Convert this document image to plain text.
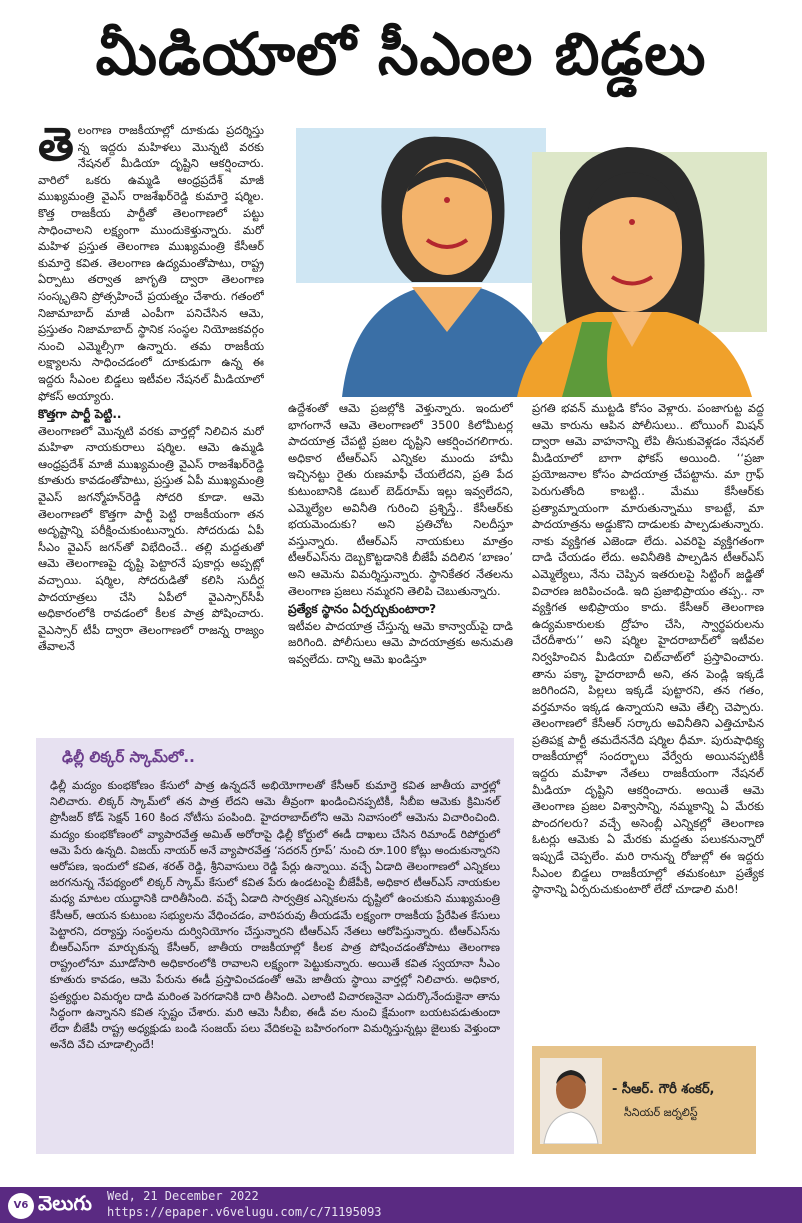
మీడియాలో సీఎంల బిడ్డలు

తె లంగాణ రాజకీయాల్లో దూకుడు ప్రదర్శిస్తు న్న ఇద్దరు మహిళలు మొన్నటి వరకు నేషనల్ మీడియా దృష్టిని ఆకర్షించారు. వారిలో ఒకరు ఉమ్మడి ఆంధ్రప్రదేశ్‌ మాజీ ముఖ్యమంత్రి వైఎస్‌ రాజశేఖర్‌రెడ్డి కుమార్తె షర్మిల. కొత్త రాజకీయ పార్టీతో తెలంగాణలో పట్టు సాధించాలని లక్ష్యంగా ముందుకెళ్తున్నారు. మరో మహిళ ప్రస్తుత తెలంగాణ ముఖ్యమంత్రి కేసీఆర్‌ కుమార్తె కవిత. తెలంగాణ ఉద్యమంతోపాటు, రాష్ట్ర ఏర్పాటు తర్వాత జాగృతి ద్వారా తెలంగాణ సంస్కృతిని ప్రోత్సహించే ప్రయత్నం చేశారు. గతంలో నిజామాబాద్‌ మాజీ ఎంపీగా పనిచేసిన ఆమె, ప్రస్తుతం నిజామాబాద్‌ స్థానిక సంస్థల నియోజకవర్గం నుంచి ఎమ్మెల్సీగా ఉన్నారు. తమ రాజకీయ లక్ష్యాలను సాధించడంలో దూకుడుగా ఉన్న ఈ ఇద్దరు సీఎంల బిడ్డలు ఇటీవల నేషనల్‌ మీడియాలో ఫోకస్‌ అయ్యారు.

కొత్తగా పార్టీ పెట్టి..

తెలంగాణలో మొన్నటి వరకు వార్తల్లో నిలిచిన మరో మహిళా నాయకురాలు షర్మిల. ఆమె ఉమ్మడి ఆంధ్రప్రదేశ్‌ మాజీ ముఖ్యమంత్రి వైఎస్‌ రాజశేఖర్‌రెడ్డి కూతురు కావడంతోపాటు, ప్రస్తుత ఏపీ ముఖ్యమంత్రి వైఎస్‌ జగన్మోహన్‌రెడ్డి సోదరి కూడా. ఆమె తెలంగాణలో కొత్తగా పార్టీ పెట్టి రాజకీయంగా తన అదృష్టాన్ని పరీక్షించుకుంటున్నారు. సోదరుడు ఏపీ సీఎం వైఎస్‌ జగన్‌తో విభేదించే.. తల్లి మద్దతుతో ఆమె తెలంగాణపై దృష్టి పెట్టారనే పుకార్లు అప్పట్లో వచ్చాయి. షర్మిల, సోదరుడితో కలిసి సుదీర్ఘ పాదయాత్రలు చేసి ఏపీలో వైఎస్సార్‌సీపీ అధికారంలోకి రావడంలో కీలక పాత్ర పోషించారు. వైఎస్సార్‌ టీపీ ద్వారా తెలంగాణలో రాజన్న రాజ్యం తేవాలనే

ఉద్దేశంతో ఆమె ప్రజల్లోకి వెళ్తున్నారు. ఇందులో భాగంగానే ఆమె తెలంగాణలో 3500 కిలోమీటర్ల పాదయాత్ర చేపట్టి ప్రజల దృష్టిని ఆకర్షించగలిగారు. అధికార టీఆర్‌ఎస్‌ ఎన్నికల ముందు హామీ ఇచ్చినట్టు రైతు రుణమాఫీ చేయలేదని, ప్రతి పేద కుటుంబానికి డబుల్‌ బెడ్‌రూమ్‌ ఇల్లు ఇవ్వలేదని, ఎమ్మెల్యేల అవినీతి గురించి ప్రశ్నిస్తే.. కేసీఆర్‌కు భయమెందుకు? అని ప్రతిచోట నిలదీస్తూ వస్తున్నారు. టీఆర్‌ఎస్‌ నాయకులు మాత్రం టీఆర్‌ఎస్‌ను దెబ్బకొట్టడానికి బీజేపీ వదిలిన ‘బాణం’ అని ఆమెను విమర్శిస్తున్నారు. స్థానికేతర నేతలను తెలంగాణ ప్రజలు నమ్మరని తెలిపి చెబుతున్నారు.

ప్రత్యేక స్థానం ఏర్పర్చుకుంటారా?

ఇటీవల పాదయాత్ర చేస్తున్న ఆమె కాన్వాయ్‌పై దాడి జరిగింది. పోలీసులు ఆమె పాదయాత్రకు అనుమతి ఇవ్వలేదు. దాన్ని ఆమె ఖండిస్తూ

ప్రగతి భవన్‌ ముట్టడి కోసం వెళ్లారు. పంజాగుట్ట వద్ద ఆమె కారును ఆపిన పోలీసులు.. టోయింగ్‌ మిషన్‌ ద్వారా ఆమె వాహనాన్ని లేపి తీసుకువెళ్లడం నేషనల్‌ మీడియాలో బాగా ఫోకస్‌ అయింది. ‘‘ప్రజా ప్రయోజనాల కోసం పాదయాత్ర చేపట్టాను. మా గ్రాఫ్‌ పెరుగుతోంది కాబట్టి.. మేము కేసీఆర్‌కు ప్రత్యామ్నాయంగా మారుతున్నాము కాబట్టే, మా పాదయాత్రను అడ్డుకొని దాడులకు పాల్పడుతున్నారు. నాకు వ్యక్తిగత ఎజెండా లేదు. ఎవరిపై వ్యక్తిగతంగా దాడి చేయడం లేదు. అవినీతికి పాల్పడిన టీఆర్‌ఎస్‌ ఎమ్మెల్యేలు, నేను చెప్పిన ఇతరులపై సిట్టింగ్‌ జడ్జితో విచారణ జరిపించండి. ఇది ప్రజాభిప్రాయం తప్ప.. నా వ్యక్తిగత అభిప్రాయం కాదు. కేసీఆర్‌ తెలంగాణ ఉద్యమకారులకు ద్రోహం చేసి, స్వార్థపరులను చేరదీశారు’’ అని షర్మిల హైదరాబాద్‌లో ఇటీవల నిర్వహించిన మీడియా చిట్‌చాట్‌లో ప్రస్తావించారు. తాను పక్కా హైదరాబాదీ అని, తన పెండ్లి ఇక్కడే జరిగిందని, పిల్లలు ఇక్కడే పుట్టారని, తన గతం, వర్తమానం ఇక్కడ ఉన్నాయని ఆమె తేల్చి చెప్పారు. తెలంగాణలో కేసీఆర్‌ సర్కారు అవినీతిని ఎత్తిచూపిన ప్రతిపక్ష పార్టీ తమదేననేది షర్మిల ధీమా. పురుషాధిక్య రాజకీయాల్లో సందర్భాలు వేర్వేరు అయినప్పటికీ ఇద్దరు మహిళా నేతలు రాజకీయంగా నేషనల్‌ మీడియా దృష్టిని ఆకర్షించారు. అయితే ఆమె తెలంగాణ ప్రజల విశ్వాసాన్ని, నమ్మకాన్ని ఏ మేరకు పొందగలరు? వచ్చే అసెంబ్లీ ఎన్నికల్లో తెలంగాణ ఓటర్లు ఆమెకు ఏ మేరకు మద్దతు పలుకనున్నారో ఇప్పుడే చెప్పలేం. మరి రానున్న రోజుల్లో ఈ ఇద్దరు సీఎంల బిడ్డలు రాజకీయాల్లో తమకంటూ ప్రత్యేక స్థానాన్ని ఏర్పరుచుకుంటారో లేదో చూడాలి మరి!

ఢిల్లీ లిక్కర్‌ స్కామ్‌లో..
ఢిల్లీ మద్యం కుంభకోణం కేసులో పాత్ర ఉన్నదనే అభియోగాలతో కేసీఆర్‌ కుమార్తె కవిత జాతీయ వార్తల్లో నిలిచారు. లిక్కర్‌ స్కామ్‌లో తన పాత్ర లేదని ఆమె తీవ్రంగా ఖండించినప్పటికీ, సీబీఐ ఆమెకు క్రిమినల్‌ ప్రొసీజర్‌ కోడ్‌ సెక్షన్‌ 160 కింద నోటీసు పంపింది. హైదరాబాద్‌లోని ఆమె నివాసంలో ఆమెను విచారించింది. మద్యం కుంభకోణంలో వ్యాపారవేత్త అమిత్‌ అరోరాపై ఢిల్లీ కోర్టులో ఈడీ దాఖలు చేసిన రిమాండ్‌ రిపోర్టులో ఆమె పేరు ఉన్నది. విజయ్‌ నాయర్‌ అనే వ్యాపారవేత్త ‘సదరన్‌ గ్రూప్‌’ నుంచి రూ.100 కోట్లు అందుకున్నారని ఆరోపణ, ఇందులో కవిత, శరత్‌ రెడ్డి, శ్రీనివాసులు రెడ్డి పేర్లు ఉన్నాయి. వచ్చే ఏడాది తెలంగాణలో ఎన్నికలు జరగనున్న నేపథ్యంలో లిక్కర్‌ స్కామ్‌ కేసులో కవిత పేరు ఉండటంపై బీజేపీకి, అధికార టీఆర్‌ఎస్‌ నాయకుల మధ్య మాటల యుద్ధానికి దారితీసింది. వచ్చే ఏడాది సార్వత్రిక ఎన్నికలను దృష్టిలో ఉంచుకుని ముఖ్యమంత్రి కేసీఆర్‌, ఆయన కుటుంబ సభ్యులను వేధించడం, వారిపరువు తీయడమే లక్ష్యంగా రాజకీయ ప్రేరేపిత కేసులు పెట్టారని, దర్యాప్తు సంస్థలను దుర్వినియోగం చేస్తున్నారని టీఆర్‌ఎస్‌ నేతలు ఆరోపిస్తున్నారు. టీఆర్‌ఎస్‌ను బీఆర్‌ఎస్‌గా మార్చుకున్న కేసీఆర్‌, జాతీయ రాజకీయాల్లో కీలక పాత్ర పోషించడంతోపాటు తెలంగాణ రాష్ట్రంలోనూ మూడోసారి అధికారంలోకి రావాలని లక్ష్యంగా పెట్టుకున్నారు. అయితే కవిత స్వయానా సీఎం కూతురు కావడం, ఆమె పేరును ఈడీ ప్రస్తావించడంతో ఆమె జాతీయ స్థాయి వార్తల్లో నిలిచారు. అధికార, ప్రత్యర్థుల విమర్శల దాడి మరింత పెరగడానికి దారి తీసింది. ఎలాంటి విచారణనైనా ఎదుర్కొనేందుకైనా తాను సిద్ధంగా ఉన్నానని కవిత స్పష్టం చేశారు. మరి ఆమె సీబీఐ, ఈడీ వల నుంచి క్షేమంగా బయటపడుతుందా లేదా బీజేపీ రాష్ట్ర అధ్యక్షుడు బండి సంజయ్‌ పలు వేదికలపై బహిరంగంగా విమర్శిస్తున్నట్లు జైలుకు వెళ్తుందా అనేది వేచి చూడాల్సిందే!
- సీఆర్‌. గౌరీ శంకర్‌,
సీనియర్‌ జర్నలిస్ట్‌
V6 వెలుగు Wed, 21 December 2022
https://epaper.v6velugu.com/c/71195093
